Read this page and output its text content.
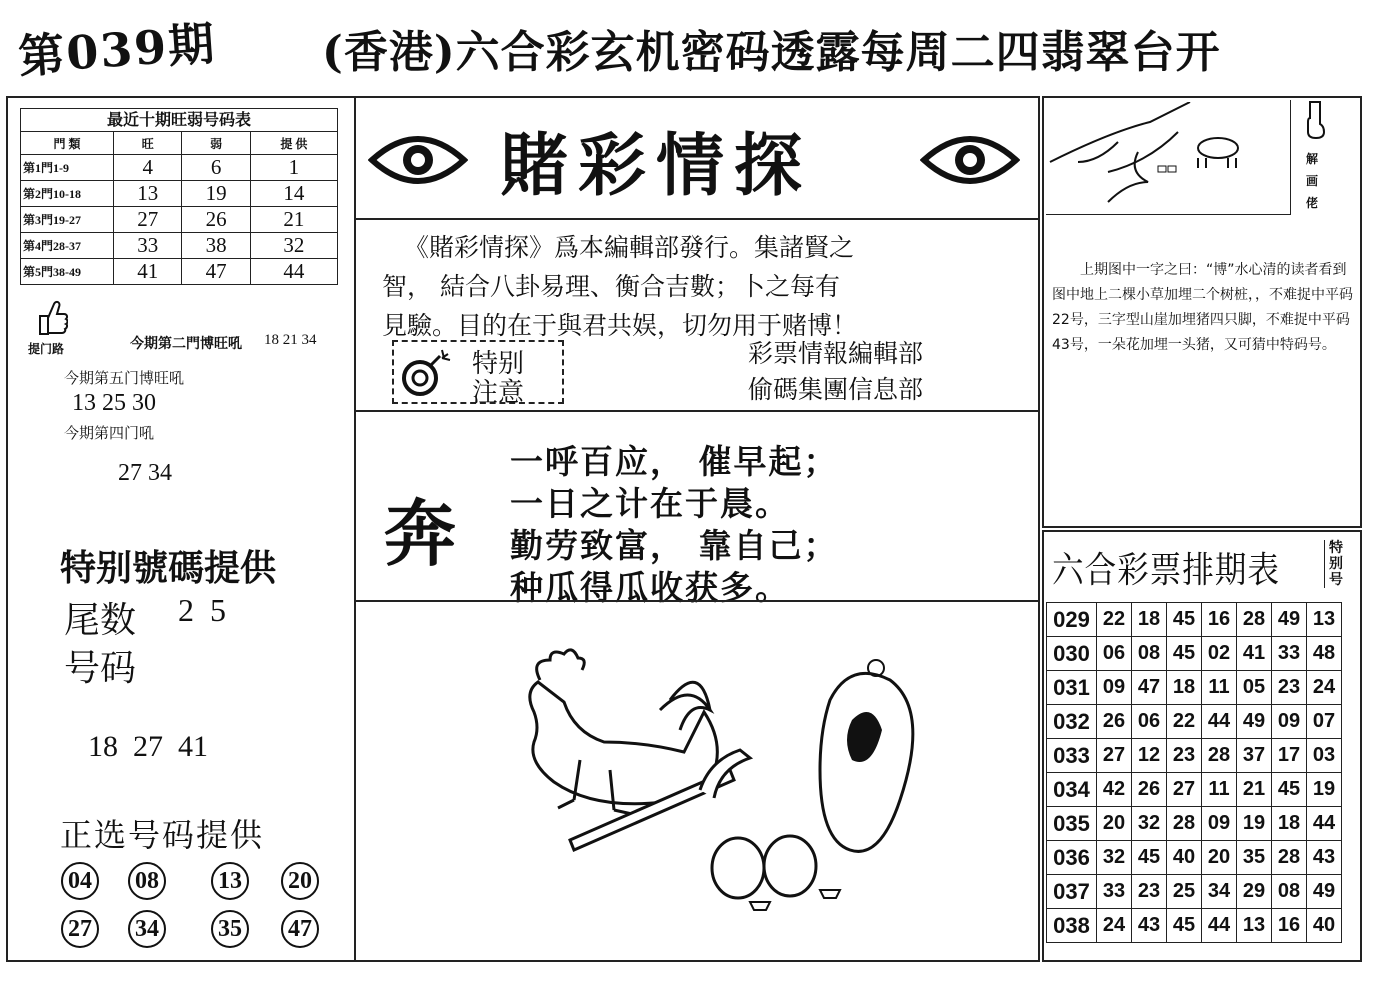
第039期 (香港)六合彩玄机密码透露每周二四翡翠台开
最近十期旺弱号码表
門 類	旺	弱	提 供
第1門1-9	4	6	1
第2門10-18	13	19	14
第3門19-27	27	26	21
第4門28-37	33	38	32
第5門38-49	41	47	44
提门路	今期第二門博旺吼 18 21 34
今期第五门博旺吼
13 25 30
今期第四门吼
27 34
特别號碼提供
尾数 2  5
号码
18  27  41
正选号码提供
04 08 13 20
27 34 35 47
賭彩情探
《賭彩情探》爲本編輯部發行。集諸賢之
智， 結合八卦易理、衡合吉數；卜之每有
見驗。目的在于與君共娱，切勿用于赌博！
特别
注意
彩票情報編輯部
偷碼集團信息部
奔
一呼百应， 催早起；
一日之计在于晨。
勤劳致富， 靠自己；
种瓜得瓜收获多。
解画佬
上期图中一字之曰：“博”水心清的读者看到图中地上二棵小草加埋二个树桩，，不难捉中平码22号，三字型山崖加埋猪四只脚，不难捉中平码43号，一朵花加埋一头猪，又可猜中特码号。
六合彩票排期表
特别号
029	22	18	45	16	28	49	13
030	06	08	45	02	41	33	48
031	09	47	18	11	05	23	24
032	26	06	22	44	49	09	07
033	27	12	23	28	37	17	03
034	42	26	27	11	21	45	19
035	20	32	28	09	19	18	44
036	32	45	40	20	35	28	43
037	33	23	25	34	29	08	49
038	24	43	45	44	13	16	40
